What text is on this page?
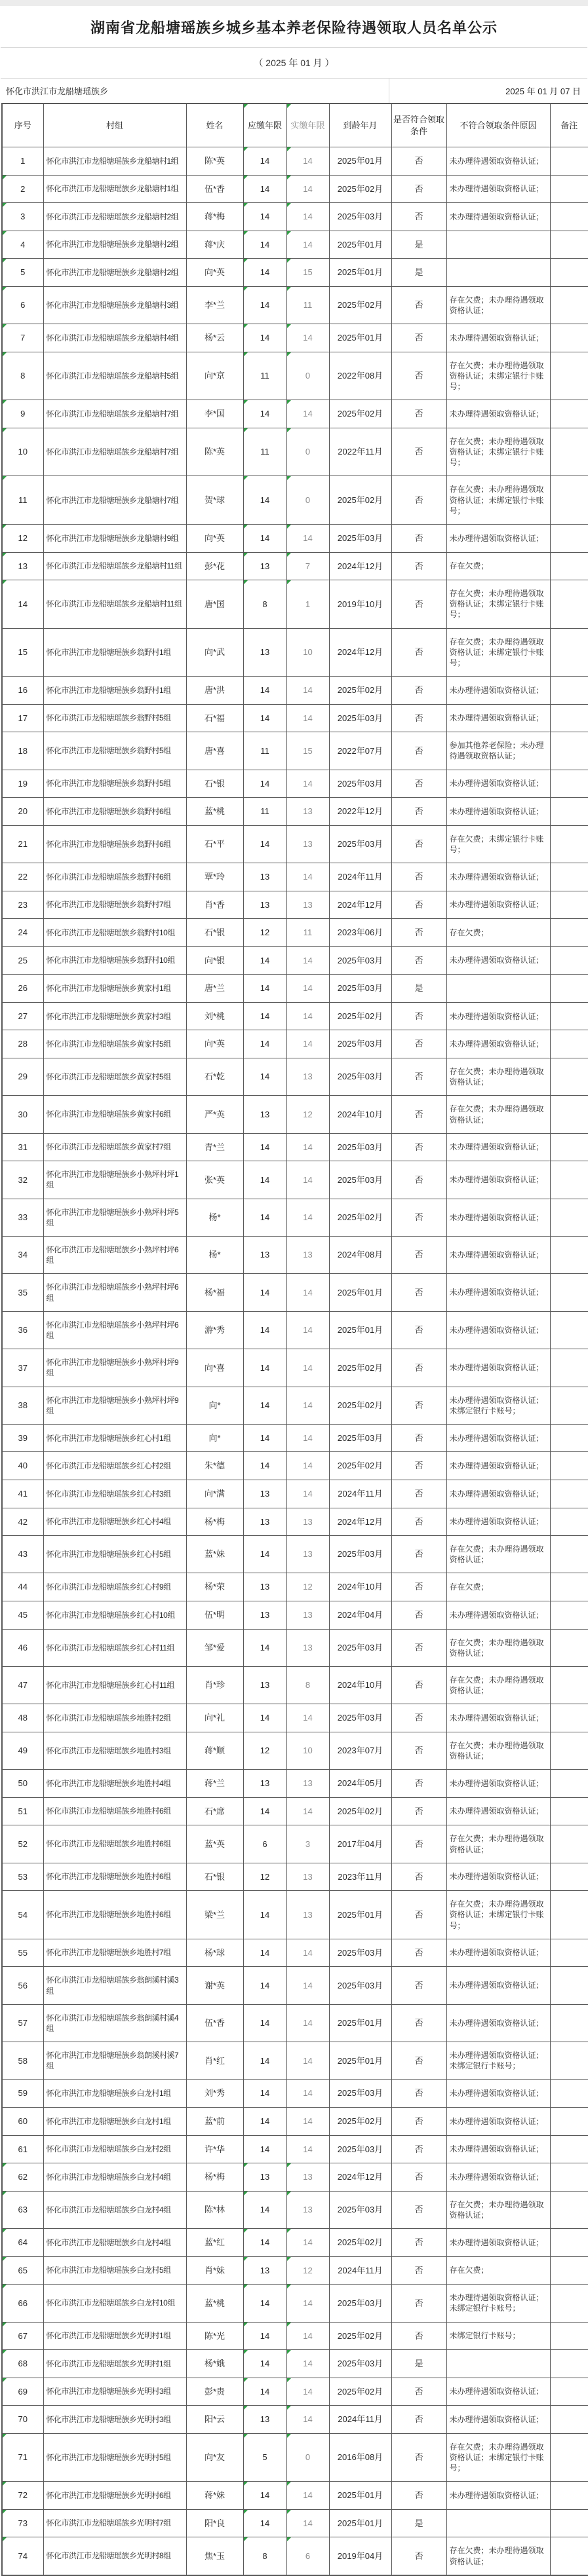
湖南省龙船塘瑶族乡城乡基本养老保险待遇领取人员名单公示
（ 2025 年 01 月 ）
怀化市洪江市龙船塘瑶族乡	2025 年 01 月 07 日
序号	村组	姓名	应缴年限	实缴年限	到龄年月	是否符合领取条件	不符合领取条件原因	备注
1	怀化市洪江市龙船塘瑶族乡龙船塘村1组	陈*英	14	14	2025年01月	否	未办理待遇领取资格认证；	
2	怀化市洪江市龙船塘瑶族乡龙船塘村1组	伍*香	14	14	2025年02月	否	未办理待遇领取资格认证；	
3	怀化市洪江市龙船塘瑶族乡龙船塘村2组	蒋*梅	14	14	2025年03月	否	未办理待遇领取资格认证；	
4	怀化市洪江市龙船塘瑶族乡龙船塘村2组	蒋*庆	14	14	2025年01月	是		
5	怀化市洪江市龙船塘瑶族乡龙船塘村2组	向*英	14	15	2025年01月	是		
6	怀化市洪江市龙船塘瑶族乡龙船塘村3组	李*兰	14	11	2025年02月	否	存在欠费；未办理待遇领取资格认证；	
7	怀化市洪江市龙船塘瑶族乡龙船塘村4组	杨*云	14	14	2025年01月	否	未办理待遇领取资格认证；	
8	怀化市洪江市龙船塘瑶族乡龙船塘村5组	向*京	11	0	2022年08月	否	存在欠费；未办理待遇领取资格认证；未绑定银行卡账号；	
9	怀化市洪江市龙船塘瑶族乡龙船塘村7组	李*国	14	14	2025年02月	否	未办理待遇领取资格认证；	
10	怀化市洪江市龙船塘瑶族乡龙船塘村7组	陈*英	11	0	2022年11月	否	存在欠费；未办理待遇领取资格认证；未绑定银行卡账号；	
11	怀化市洪江市龙船塘瑶族乡龙船塘村7组	贺*球	14	0	2025年02月	否	存在欠费；未办理待遇领取资格认证；未绑定银行卡账号；	
12	怀化市洪江市龙船塘瑶族乡龙船塘村9组	向*英	14	14	2025年03月	否	未办理待遇领取资格认证；	
13	怀化市洪江市龙船塘瑶族乡龙船塘村11组	彭*花	13	7	2024年12月	否	存在欠费；	
14	怀化市洪江市龙船塘瑶族乡龙船塘村11组	唐*国	8	1	2019年10月	否	存在欠费；未办理待遇领取资格认证；未绑定银行卡账号；	
15	怀化市洪江市龙船塘瑶族乡翁野村1组	向*武	13	10	2024年12月	否	存在欠费；未办理待遇领取资格认证；未绑定银行卡账号；	
16	怀化市洪江市龙船塘瑶族乡翁野村1组	唐*洪	14	14	2025年02月	否	未办理待遇领取资格认证；	
17	怀化市洪江市龙船塘瑶族乡翁野村5组	石*福	14	14	2025年03月	否	未办理待遇领取资格认证；	
18	怀化市洪江市龙船塘瑶族乡翁野村5组	唐*喜	11	15	2022年07月	否	参加其他养老保险；未办理待遇领取资格认证；	
19	怀化市洪江市龙船塘瑶族乡翁野村5组	石*银	14	14	2025年03月	否	未办理待遇领取资格认证；	
20	怀化市洪江市龙船塘瑶族乡翁野村6组	蓝*桃	11	13	2022年12月	否	未办理待遇领取资格认证；	
21	怀化市洪江市龙船塘瑶族乡翁野村6组	石*平	14	13	2025年03月	否	存在欠费；未绑定银行卡账号；	
22	怀化市洪江市龙船塘瑶族乡翁野村6组	覃*玲	13	14	2024年11月	否	未办理待遇领取资格认证；	
23	怀化市洪江市龙船塘瑶族乡翁野村7组	肖*香	13	13	2024年12月	否	未办理待遇领取资格认证；	
24	怀化市洪江市龙船塘瑶族乡翁野村10组	石*银	12	11	2023年06月	否	存在欠费；	
25	怀化市洪江市龙船塘瑶族乡翁野村10组	向*银	14	14	2025年03月	否	未办理待遇领取资格认证；	
26	怀化市洪江市龙船塘瑶族乡黄家村1组	唐*兰	14	14	2025年03月	是		
27	怀化市洪江市龙船塘瑶族乡黄家村3组	刘*桃	14	14	2025年02月	否	未办理待遇领取资格认证；	
28	怀化市洪江市龙船塘瑶族乡黄家村5组	向*英	14	14	2025年03月	否	未办理待遇领取资格认证；	
29	怀化市洪江市龙船塘瑶族乡黄家村5组	石*乾	14	13	2025年03月	否	存在欠费；未办理待遇领取资格认证；	
30	怀化市洪江市龙船塘瑶族乡黄家村6组	严*英	13	12	2024年10月	否	存在欠费；未办理待遇领取资格认证；	
31	怀化市洪江市龙船塘瑶族乡黄家村7组	青*兰	14	14	2025年03月	否	未办理待遇领取资格认证；	
32	怀化市洪江市龙船塘瑶族乡小熟坪村坪1组	张*英	14	14	2025年03月	否	未办理待遇领取资格认证；	
33	怀化市洪江市龙船塘瑶族乡小熟坪村坪5组	杨*	14	14	2025年02月	否	未办理待遇领取资格认证；	
34	怀化市洪江市龙船塘瑶族乡小熟坪村坪6组	杨*	13	13	2024年08月	否	未办理待遇领取资格认证；	
35	怀化市洪江市龙船塘瑶族乡小熟坪村坪6组	杨*福	14	14	2025年01月	否	未办理待遇领取资格认证；	
36	怀化市洪江市龙船塘瑶族乡小熟坪村坪6组	游*秀	14	14	2025年01月	否	未办理待遇领取资格认证；	
37	怀化市洪江市龙船塘瑶族乡小熟坪村坪9组	向*喜	14	14	2025年02月	否	未办理待遇领取资格认证；	
38	怀化市洪江市龙船塘瑶族乡小熟坪村坪9组	向*	14	14	2025年02月	否	未办理待遇领取资格认证；未绑定银行卡账号；	
39	怀化市洪江市龙船塘瑶族乡红心村1组	向*	14	14	2025年03月	否	未办理待遇领取资格认证；	
40	怀化市洪江市龙船塘瑶族乡红心村2组	朱*德	14	14	2025年02月	否	未办理待遇领取资格认证；	
41	怀化市洪江市龙船塘瑶族乡红心村3组	向*满	13	14	2024年11月	否	未办理待遇领取资格认证；	
42	怀化市洪江市龙船塘瑶族乡红心村4组	杨*梅	13	13	2024年12月	否	未办理待遇领取资格认证；	
43	怀化市洪江市龙船塘瑶族乡红心村5组	蓝*妹	14	13	2025年03月	否	存在欠费；未办理待遇领取资格认证；	
44	怀化市洪江市龙船塘瑶族乡红心村9组	杨*荣	13	12	2024年10月	否	存在欠费；	
45	怀化市洪江市龙船塘瑶族乡红心村10组	伍*明	13	13	2024年04月	否	未办理待遇领取资格认证；	
46	怀化市洪江市龙船塘瑶族乡红心村11组	邹*爱	14	13	2025年03月	否	存在欠费；未办理待遇领取资格认证；	
47	怀化市洪江市龙船塘瑶族乡红心村11组	肖*珍	13	8	2024年10月	否	存在欠费；未办理待遇领取资格认证；	
48	怀化市洪江市龙船塘瑶族乡地胜村2组	向*礼	14	14	2025年03月	否	未办理待遇领取资格认证；	
49	怀化市洪江市龙船塘瑶族乡地胜村3组	蒋*顺	12	10	2023年07月	否	存在欠费；未办理待遇领取资格认证；	
50	怀化市洪江市龙船塘瑶族乡地胜村4组	蒋*兰	13	13	2024年05月	否	未办理待遇领取资格认证；	
51	怀化市洪江市龙船塘瑶族乡地胜村6组	石*席	14	14	2025年02月	否	未办理待遇领取资格认证；	
52	怀化市洪江市龙船塘瑶族乡地胜村6组	蓝*英	6	3	2017年04月	否	存在欠费；未办理待遇领取资格认证；	
53	怀化市洪江市龙船塘瑶族乡地胜村6组	石*银	12	13	2023年11月	否	未办理待遇领取资格认证；	
54	怀化市洪江市龙船塘瑶族乡地胜村6组	梁*兰	14	13	2025年01月	否	存在欠费；未办理待遇领取资格认证；未绑定银行卡账号；	
55	怀化市洪江市龙船塘瑶族乡地胜村7组	杨*球	14	14	2025年03月	否	未办理待遇领取资格认证；	
56	怀化市洪江市龙船塘瑶族乡翁朗溪村溪3组	谢*英	14	14	2025年03月	否	未办理待遇领取资格认证；	
57	怀化市洪江市龙船塘瑶族乡翁朗溪村溪4组	伍*香	14	14	2025年01月	否	未办理待遇领取资格认证；	
58	怀化市洪江市龙船塘瑶族乡翁朗溪村溪7组	肖*红	14	14	2025年01月	否	未办理待遇领取资格认证；未绑定银行卡账号；	
59	怀化市洪江市龙船塘瑶族乡白龙村1组	刘*秀	14	14	2025年03月	否	未办理待遇领取资格认证；	
60	怀化市洪江市龙船塘瑶族乡白龙村1组	蓝*前	14	14	2025年02月	否	未办理待遇领取资格认证；	
61	怀化市洪江市龙船塘瑶族乡白龙村2组	许*华	14	14	2025年03月	否	未办理待遇领取资格认证；	
62	怀化市洪江市龙船塘瑶族乡白龙村4组	杨*梅	13	13	2024年12月	否	未办理待遇领取资格认证；	
63	怀化市洪江市龙船塘瑶族乡白龙村4组	陈*林	14	13	2025年03月	否	存在欠费；未办理待遇领取资格认证；	
64	怀化市洪江市龙船塘瑶族乡白龙村4组	蓝*红	14	14	2025年02月	否	未办理待遇领取资格认证；	
65	怀化市洪江市龙船塘瑶族乡白龙村5组	肖*妹	13	12	2024年11月	否	存在欠费；	
66	怀化市洪江市龙船塘瑶族乡白龙村10组	蓝*桃	14	14	2025年03月	否	未办理待遇领取资格认证；未绑定银行卡账号；	
67	怀化市洪江市龙船塘瑶族乡光明村1组	陈*光	14	14	2025年02月	否	未绑定银行卡账号；	
68	怀化市洪江市龙船塘瑶族乡光明村1组	杨*娥	14	14	2025年03月	是		
69	怀化市洪江市龙船塘瑶族乡光明村3组	彭*贵	14	14	2025年02月	否	未办理待遇领取资格认证；	
70	怀化市洪江市龙船塘瑶族乡光明村3组	阳*云	13	14	2024年11月	否	未办理待遇领取资格认证；	
71	怀化市洪江市龙船塘瑶族乡光明村5组	向*友	5	0	2016年08月	否	存在欠费；未办理待遇领取资格认证；未绑定银行卡账号；	
72	怀化市洪江市龙船塘瑶族乡光明村6组	蒋*妹	14	14	2025年01月	否	未办理待遇领取资格认证；	
73	怀化市洪江市龙船塘瑶族乡光明村7组	阳*良	14	14	2025年01月	是		
74	怀化市洪江市龙船塘瑶族乡光明村8组	焦*玉	8	6	2019年04月	否	存在欠费；未办理待遇领取资格认证；	
